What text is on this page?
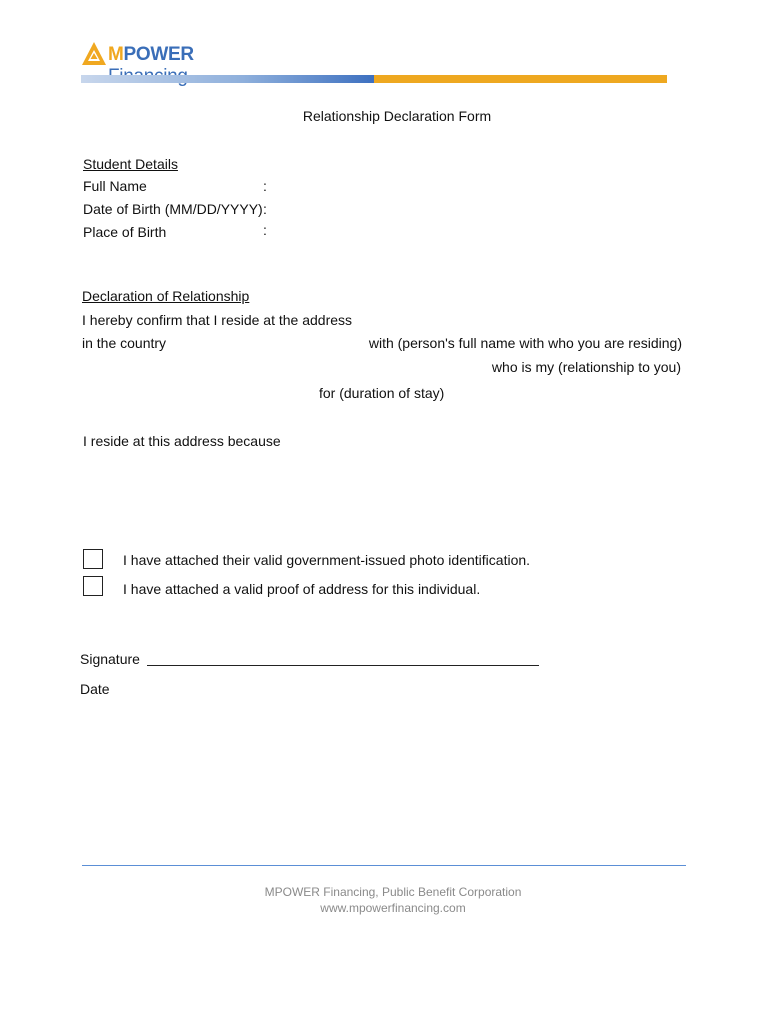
MPOWER
Relationship Declaration Form
Student Details
Full Name	:
Date of Birth (MM/DD/YYYY) :
Place of Birth	:
Declaration of Relationship
I hereby confirm that I reside at the address
in the country	with (person's full name with who you are residing)
who is my (relationship to you)
for (duration of stay)
I reside at this address because
I have attached their valid government-issued photo identification.
I have attached a valid proof of address for this individual.
Signature
Date
MPOWER Financing, Public Benefit Corporation
www.mpowerfinancing.com
